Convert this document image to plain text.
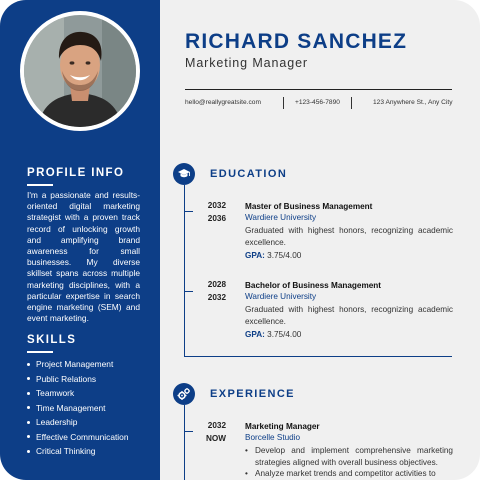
PROFILE INFO

I'm a passionate and results-oriented digital marketing strategist with a proven track record of unlocking growth and amplifying brand awareness for small businesses. My diverse skillset spans across multiple marketing disciplines, with a particular expertise in search engine marketing (SEM) and event marketing.

SKILLS
Project Management
Public Relations
Teamwork
Time Management
Leadership
Effective Communication
Critical Thinking
RICHARD SANCHEZ
Marketing Manager
hello@reallygreatsite.com	+123-456-7890	123 Anywhere St., Any City
EDUCATION
2032
2036
Master of Business Management
Wardiere University
Graduated with highest honors, recognizing academic excellence.
GPA: 3.75/4.00
2028
2032
Bachelor of Business Management
Wardiere University
Graduated with highest honors, recognizing academic excellence.
GPA: 3.75/4.00
EXPERIENCE
2032
NOW
Marketing Manager
Borcelle Studio
• Develop and implement comprehensive marketing strategies aligned with overall business objectives.
• Analyze market trends and competitor activities to
